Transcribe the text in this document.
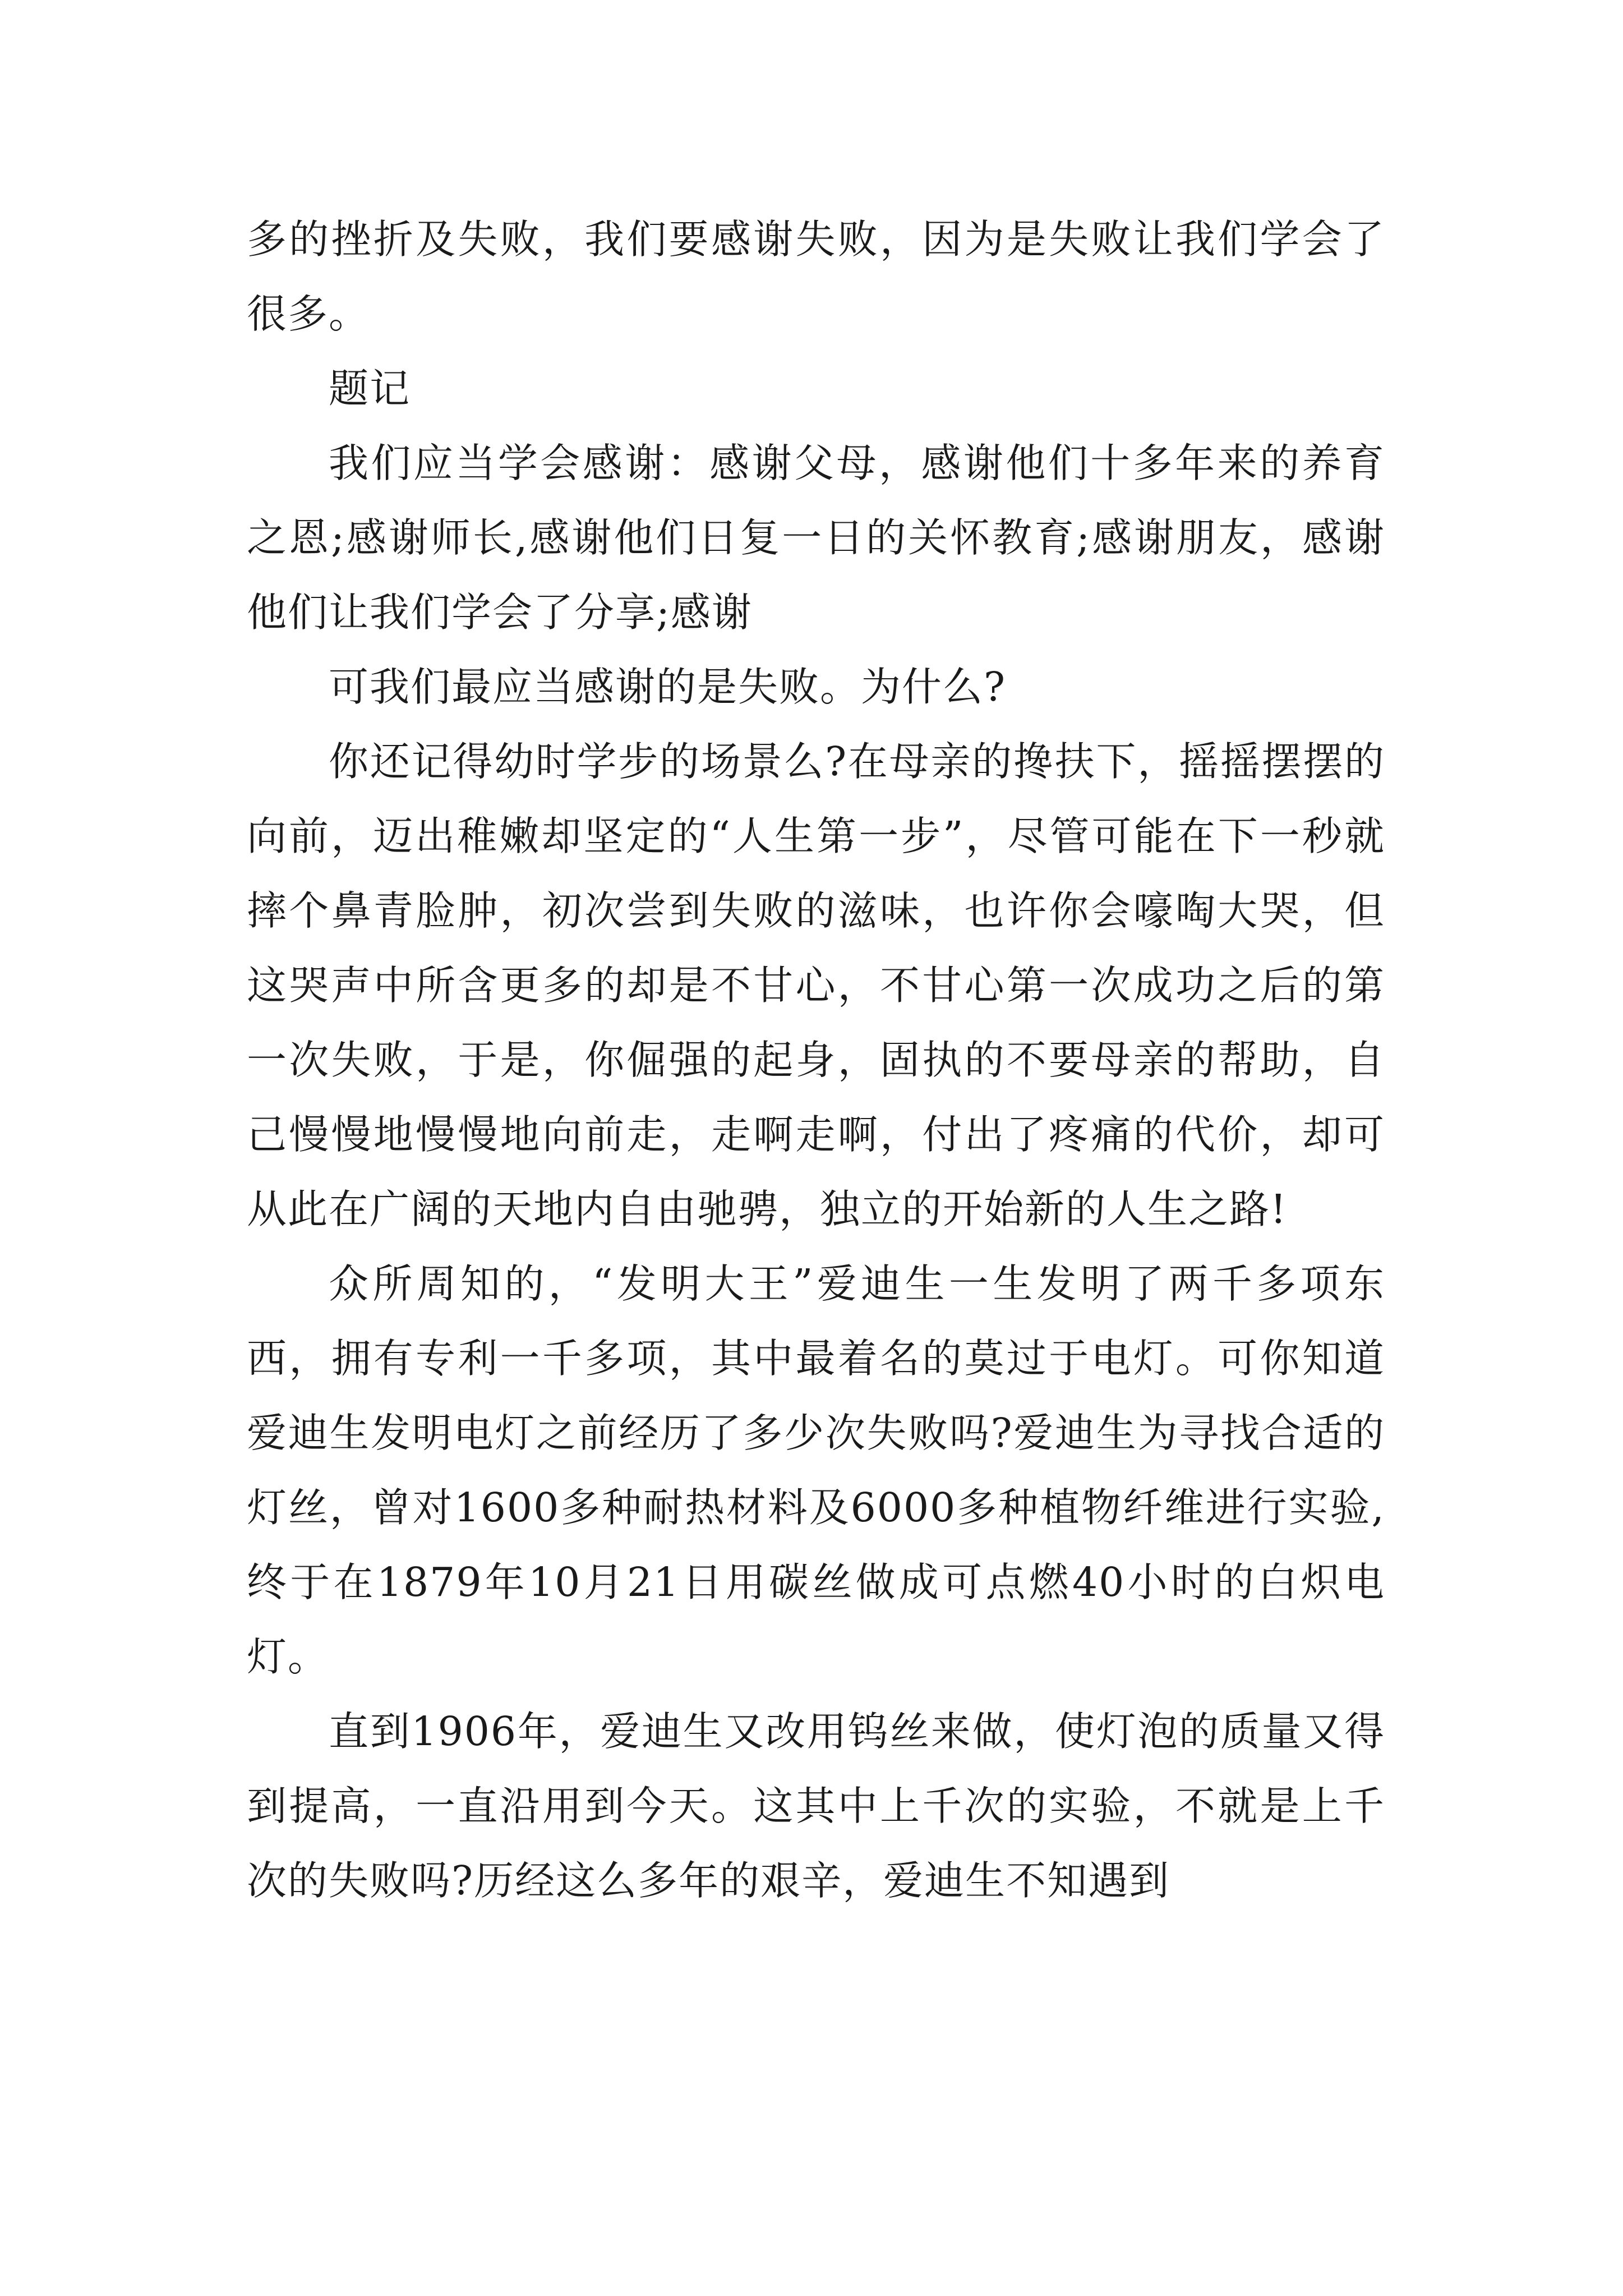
多的挫折及失败，我们要感谢失败，因为是失败让我们学会了很多。

题记

我们应当学会感谢：感谢父母，感谢他们十多年来的养育之恩;感谢师长,感谢他们日复一日的关怀教育;感谢朋友，感谢他们让我们学会了分享;感谢

可我们最应当感谢的是失败。为什么?

你还记得幼时学步的场景么?在母亲的搀扶下，摇摇摆摆的向前，迈出稚嫩却坚定的“人生第一步”，尽管可能在下一秒就摔个鼻青脸肿，初次尝到失败的滋味，也许你会嚎啕大哭，但这哭声中所含更多的却是不甘心，不甘心第一次成功之后的第一次失败，于是，你倔强的起身，固执的不要母亲的帮助，自己慢慢地慢慢地向前走，走啊走啊，付出了疼痛的代价，却可从此在广阔的天地内自由驰骋，独立的开始新的人生之路!

众所周知的，“发明大王”爱迪生一生发明了两千多项东西，拥有专利一千多项，其中最着名的莫过于电灯。可你知道爱迪生发明电灯之前经历了多少次失败吗?爱迪生为寻找合适的灯丝，曾对1600多种耐热材料及6000多种植物纤维进行实验,终于在1879年10月21日用碳丝做成可点燃40小时的白炽电灯。

直到1906年，爱迪生又改用钨丝来做，使灯泡的质量又得到提高，一直沿用到今天。这其中上千次的实验，不就是上千次的失败吗?历经这么多年的艰辛，爱迪生不知遇到
